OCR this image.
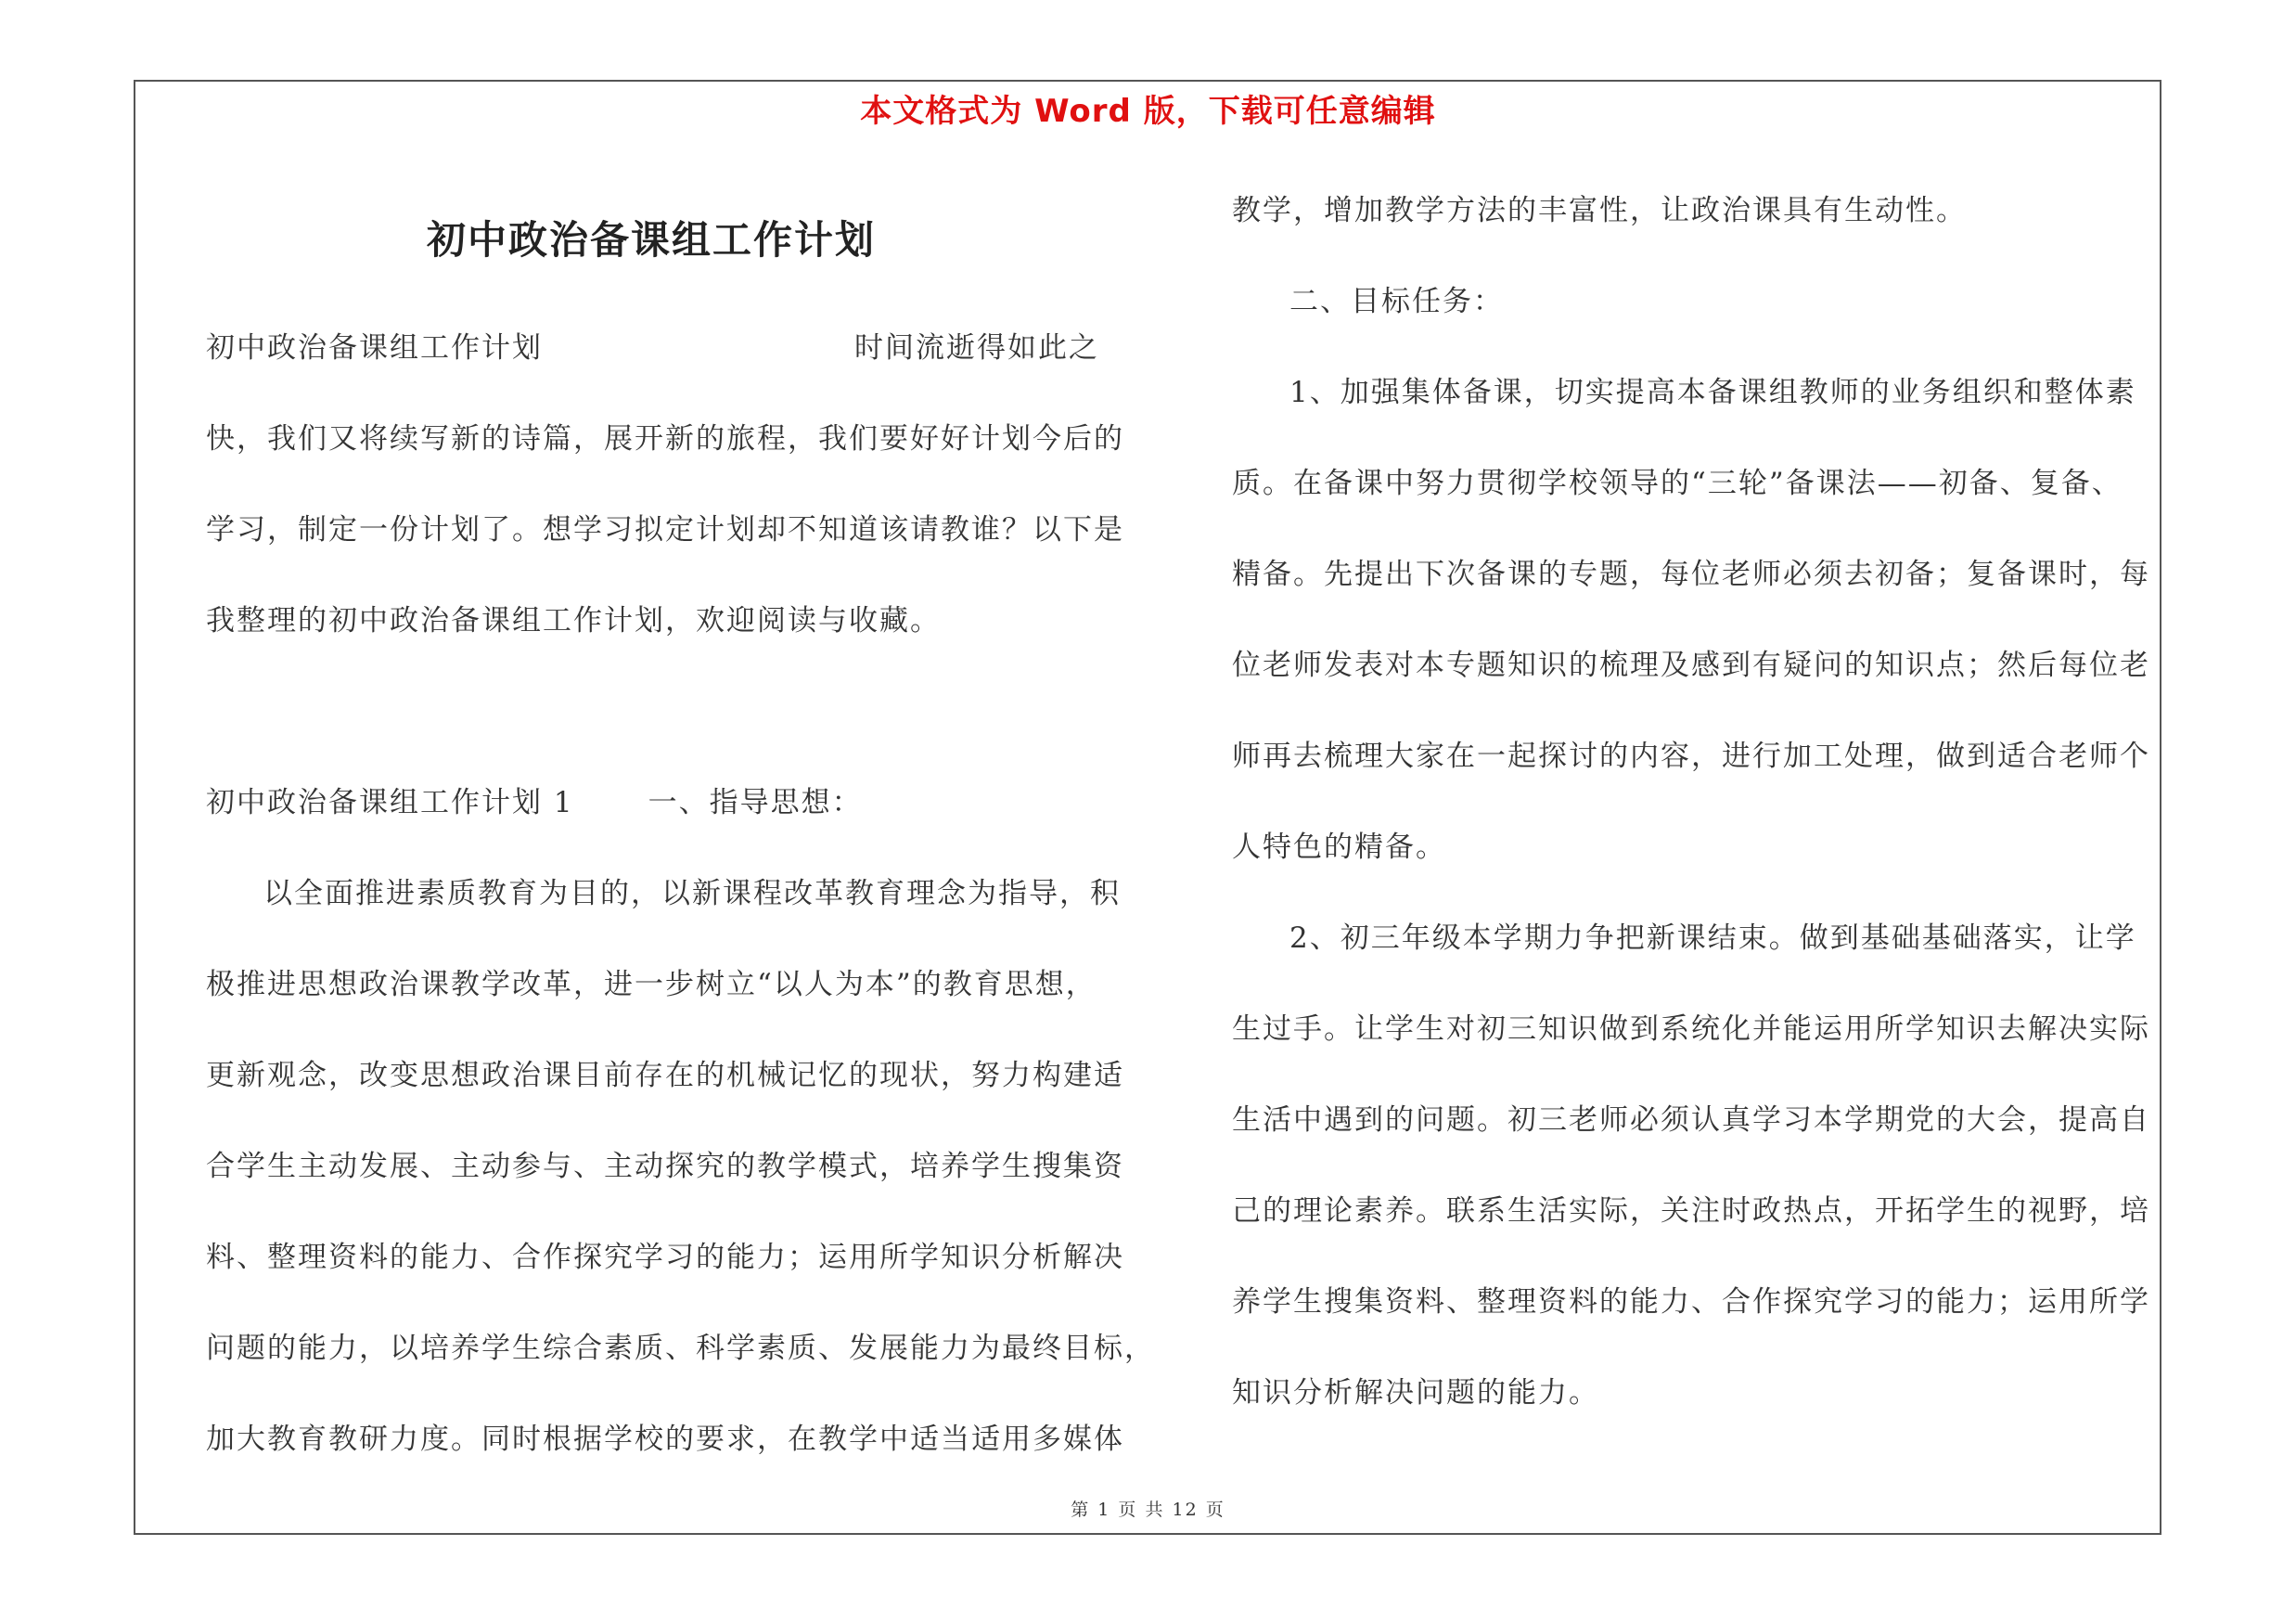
本文格式为 Word 版，下载可任意编辑
初中政治备课组工作计划
初中政治备课组工作计划	时间流逝得如此之
快，我们又将续写新的诗篇，展开新的旅程，我们要好好计划今后的
学习，制定一份计划了。想学习拟定计划却不知道该请教谁？以下是
我整理的初中政治备课组工作计划，欢迎阅读与收藏。
初中政治备课组工作计划 1	一、指导思想：
以全面推进素质教育为目的，以新课程改革教育理念为指导，积
极推进思想政治课教学改革，进一步树立“以人为本”的教育思想，
更新观念，改变思想政治课目前存在的机械记忆的现状，努力构建适
合学生主动发展、主动参与、主动探究的教学模式，培养学生搜集资
料、整理资料的能力、合作探究学习的能力；运用所学知识分析解决
问题的能力，以培养学生综合素质、科学素质、发展能力为最终目标，
加大教育教研力度。同时根据学校的要求，在教学中适当适用多媒体
教学，增加教学方法的丰富性，让政治课具有生动性。
二、目标任务：
1、加强集体备课，切实提高本备课组教师的业务组织和整体素
质。在备课中努力贯彻学校领导的“三轮”备课法——初备、复备、
精备。先提出下次备课的专题，每位老师必须去初备；复备课时，每
位老师发表对本专题知识的梳理及感到有疑问的知识点；然后每位老
师再去梳理大家在一起探讨的内容，进行加工处理，做到适合老师个
人特色的精备。
2、初三年级本学期力争把新课结束。做到基础基础落实，让学
生过手。让学生对初三知识做到系统化并能运用所学知识去解决实际
生活中遇到的问题。初三老师必须认真学习本学期党的大会，提高自
己的理论素养。联系生活实际，关注时政热点，开拓学生的视野，培
养学生搜集资料、整理资料的能力、合作探究学习的能力；运用所学
知识分析解决问题的能力。
第 1 页 共 12 页
